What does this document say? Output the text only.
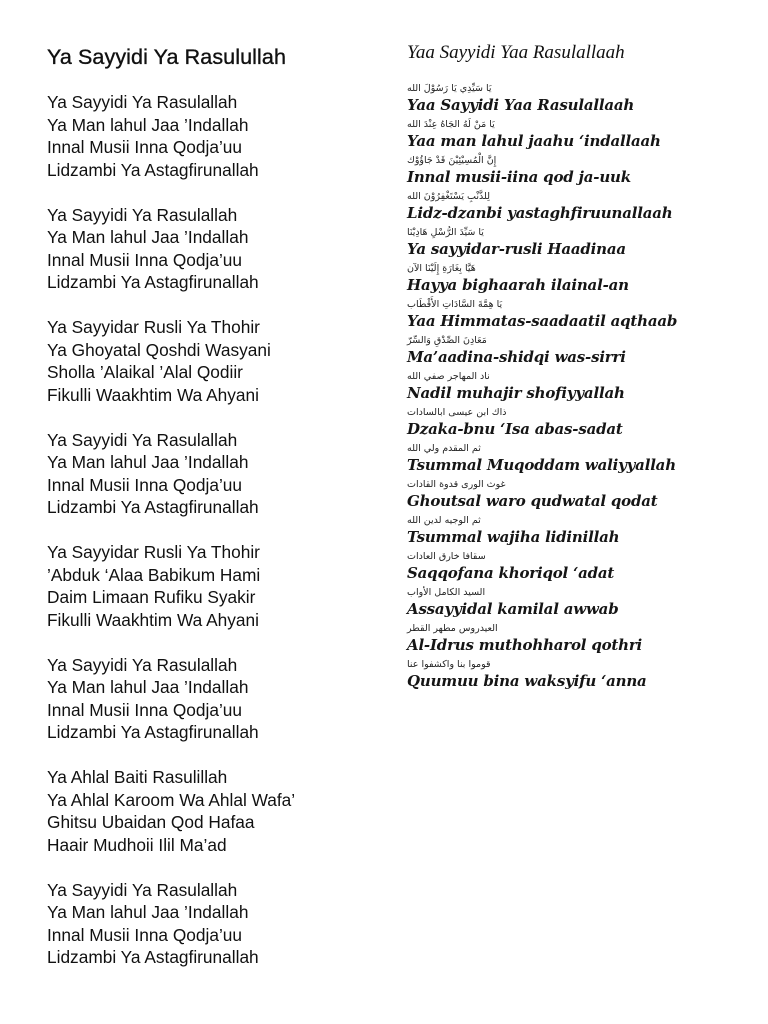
Ya Sayyidi Ya Rasulullah
Ya Sayyidi Ya Rasulallah
Ya Man lahul Jaa ’Indallah
Innal Musii Inna Qodja’uu
Lidzambi Ya Astagfirunallah
Ya Sayyidi Ya Rasulallah
Ya Man lahul Jaa ’Indallah
Innal Musii Inna Qodja’uu
Lidzambi Ya Astagfirunallah
Ya Sayyidar Rusli Ya Thohir
Ya Ghoyatal Qoshdi Wasyani
Sholla ’Alaikal ’Alal Qodiir
Fikulli Waakhtim Wa Ahyani
Ya Sayyidi Ya Rasulallah
Ya Man lahul Jaa ’Indallah
Innal Musii Inna Qodja’uu
Lidzambi Ya Astagfirunallah
Ya Sayyidar Rusli Ya Thohir
’Abduk ‘Alaa Babikum Hami
Daim Limaan Rufiku Syakir
Fikulli Waakhtim Wa Ahyani
Ya Sayyidi Ya Rasulallah
Ya Man lahul Jaa ’Indallah
Innal Musii Inna Qodja’uu
Lidzambi Ya Astagfirunallah
Ya Ahlal Baiti Rasulillah
Ya Ahlal Karoom Wa Ahlal Wafa’
Ghitsu Ubaidan Qod Hafaa
Haair Mudhoii Ilil Ma’ad
Ya Sayyidi Ya Rasulallah
Ya Man lahul Jaa ’Indallah
Innal Musii Inna Qodja’uu
Lidzambi Ya Astagfirunallah
Yaa Sayyidi Yaa Rasulallaah
يَا سَيِّدِي يَا رَسُوْلَ الله
Yaa Sayyidi Yaa Rasulallaah
يَا مَنْ لَهُ الجَاهُ عِنْدَ الله
Yaa man lahul jaahu ‘indallaah
إِنَّ الْمُسِيْئِيْنَ قَدْ جَاؤُوْك
Innal musii-iina qod ja-uuk
لِلذَّنْبِ يَسْتَغْفِرُوْنَ الله
Lidz-dzanbi yastaghfiruunallaah
يَا سَيِّدَ الرُّسْلِ هَادِيْنَا
Ya sayyidar-rusli Haadinaa
هَيَّا بِغَارَةِ إِلَيْنَا الآن
Hayya bighaarah ilainal-an
يَا هِمَّةَ السَّادَاتِ الأَقْطَاب
Yaa Himmatas-saadaatil aqthaab
مَعَادِنَ الصِّدْقِ وَالسِّرّ
Ma’aadina-shidqi was-sirri
ناد المهاجر صفي الله
Nadil muhajir shofiyyallah
ذاك ابن عيسى ابالسادات
Dzaka-bnu ‘Isa abas-sadat
ثم المقدم ولي الله
Tsummal Muqoddam waliyyallah
غوث الورى قدوة القادات
Ghoutsal waro qudwatal qodat
ثم الوجيه لدين الله
Tsummal wajiha lidinillah
سقافا خارق العادات
Saqqofana khoriqol ‘adat
السيد الكامل الأواب
Assayyidal kamilal awwab
العيدروس مطهر القطر
Al-Idrus muthohharol qothri
قوموا بنا واكشفوا عنا
Quumuu bina waksyifu ‘anna
